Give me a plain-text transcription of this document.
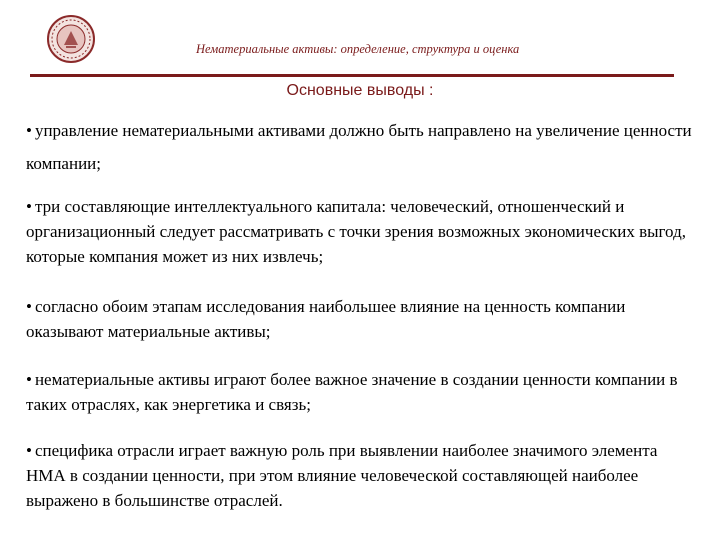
Нематериальные активы: определение, структура и оценка
Основные выводы :
• управление нематериальными активами должно быть направлено на увеличение ценности компании;
• три составляющие интеллектуального капитала: человеческий, отношенческий и организационный следует рассматривать с точки зрения возможных экономических выгод, которые компания может из них извлечь;
• согласно обоим этапам исследования наибольшее влияние на ценность компании оказывают материальные активы;
• нематериальные активы играют более важное значение в создании ценности компании в таких отраслях, как энергетика и связь;
• специфика отрасли играет важную роль при выявлении наиболее значимого элемента НМА в создании ценности, при этом влияние человеческой составляющей наиболее выражено в большинстве отраслей.
